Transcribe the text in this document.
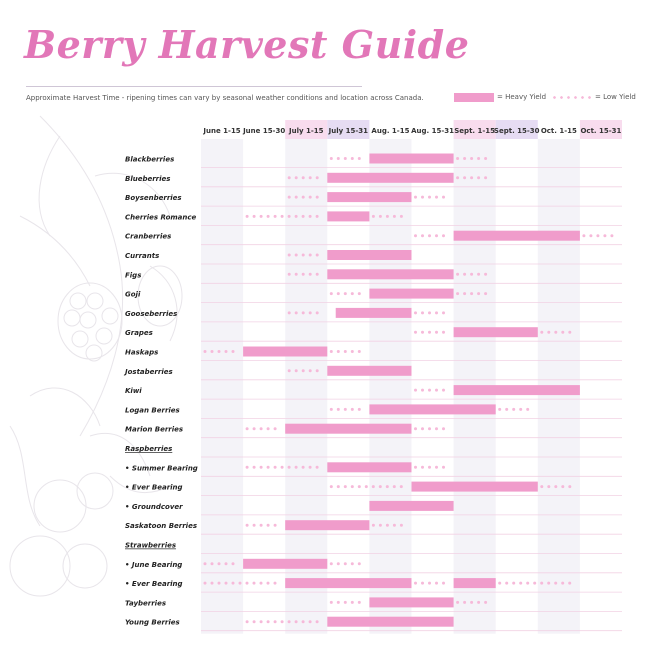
Berry Harvest Guide
Approximate Harvest Time - ripening times can vary by seasonal weather conditions and location across Canada.	= Heavy Yield	= Low Yield
June 1-15 June 15-30 July 1-15 July 15-31 Aug. 1-15 Aug. 15-31 Sept. 1-15
Sept. 15-30 Oct. 1-15 Oct. 15-31
Blackberries
Blueberries
Boysenberries
Cherries Romance
Cranberries
Currants
Figs
Goji
Gooseberries
Grapes
Haskaps
Jostaberries
Kiwi
Logan Berries
Marion Berries
Raspberries
• Summer Bearing
• Ever Bearing
• Groundcover
Saskatoon Berries
Strawberries
• June Bearing
• Ever Bearing
Tayberries
Young Berries
